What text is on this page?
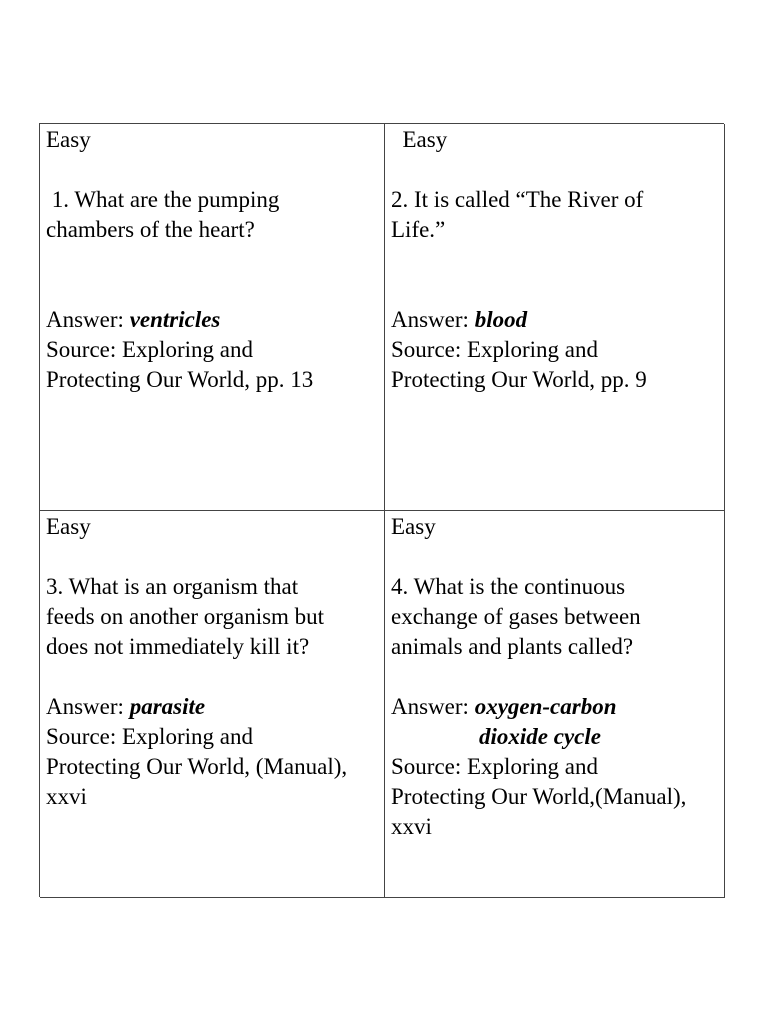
Easy
1. What are the pumping
chambers of the heart?
Answer: ventricles
Source: Exploring and
Protecting Our World, pp. 13
Easy
2. It is called “The River of
Life.”
Answer: blood
Source: Exploring and
Protecting Our World, pp. 9
Easy
3. What is an organism that
feeds on another organism but
does not immediately kill it?
Answer: parasite
Source: Exploring and
Protecting Our World, (Manual),
xxvi
Easy
4. What is the continuous
exchange of gases between
animals and plants called?
Answer: oxygen-carbon
dioxide cycle
Source: Exploring and
Protecting Our World,(Manual),
xxvi
